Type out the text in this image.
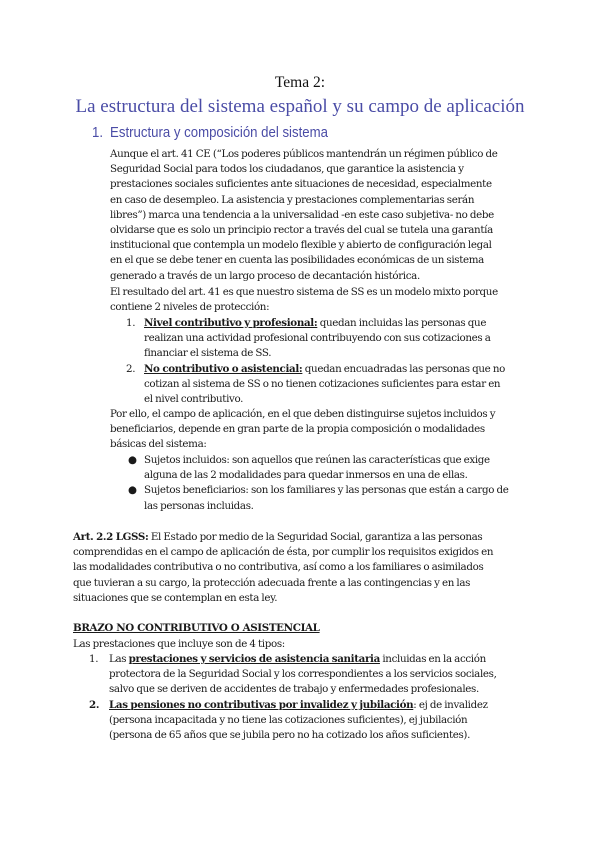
Tema 2:
La estructura del sistema español y su campo de aplicación
1. Estructura y composición del sistema
Aunque el art. 41 CE (“Los poderes públicos mantendrán un régimen público de
Seguridad Social para todos los ciudadanos, que garantice la asistencia y
prestaciones sociales suficientes ante situaciones de necesidad, especialmente
en caso de desempleo. La asistencia y prestaciones complementarias serán
libres”) marca una tendencia a la universalidad -en este caso subjetiva- no debe
olvidarse que es solo un principio rector a través del cual se tutela una garantía
institucional que contempla un modelo flexible y abierto de configuración legal
en el que se debe tener en cuenta las posibilidades económicas de un sistema
generado a través de un largo proceso de decantación histórica.
El resultado del art. 41 es que nuestro sistema de SS es un modelo mixto porque
contiene 2 niveles de protección:
1. Nivel contributivo y profesional: quedan incluidas las personas que
realizan una actividad profesional contribuyendo con sus cotizaciones a
financiar el sistema de SS.
2. No contributivo o asistencial: quedan encuadradas las personas que no
cotizan al sistema de SS o no tienen cotizaciones suficientes para estar en
el nivel contributivo.
Por ello, el campo de aplicación, en el que deben distinguirse sujetos incluidos y
beneficiarios, depende en gran parte de la propia composición o modalidades
básicas del sistema:
● Sujetos incluidos: son aquellos que reúnen las características que exige
alguna de las 2 modalidades para quedar inmersos en una de ellas.
● Sujetos beneficiarios: son los familiares y las personas que están a cargo de
las personas incluidas.
Art. 2.2 LGSS: El Estado por medio de la Seguridad Social, garantiza a las personas
comprendidas en el campo de aplicación de ésta, por cumplir los requisitos exigidos en
las modalidades contributiva o no contributiva, así como a los familiares o asimilados
que tuvieran a su cargo, la protección adecuada frente a las contingencias y en las
situaciones que se contemplan en esta ley.
BRAZO NO CONTRIBUTIVO O ASISTENCIAL
Las prestaciones que incluye son de 4 tipos:
1. Las prestaciones y servicios de asistencia sanitaria incluidas en la acción
protectora de la Seguridad Social y los correspondientes a los servicios sociales,
salvo que se deriven de accidentes de trabajo y enfermedades profesionales.
2. Las pensiones no contributivas por invalidez y jubilación: ej de invalidez
(persona incapacitada y no tiene las cotizaciones suficientes), ej jubilación
(persona de 65 años que se jubila pero no ha cotizado los años suficientes).
